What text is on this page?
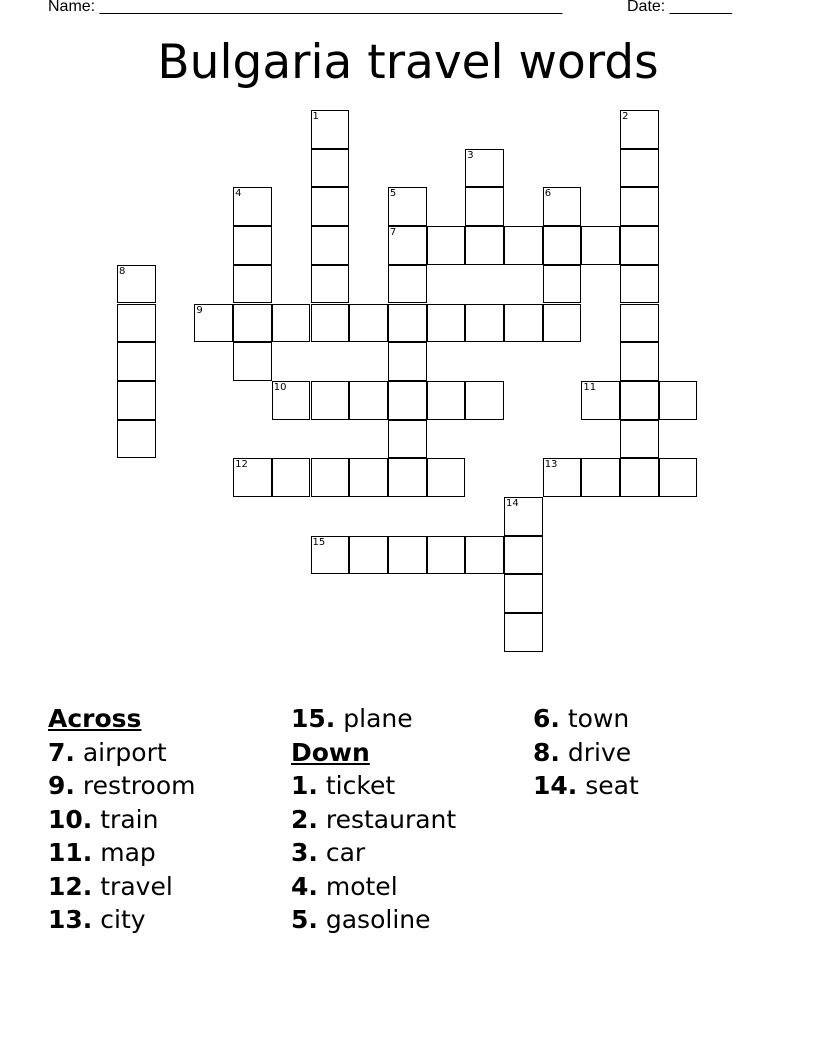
Name: ____________________________________________________	Date: _______
Bulgaria travel words
1	2
3
4	5
7
6
8
9
10	11
12	13
14
15
Across
7. airport
9. restroom
10. train
11. map
12. travel
13. city
15. plane
Down
1. ticket
2. restaurant
3. car
4. motel
5. gasoline
6. town
8. drive
14. seat
